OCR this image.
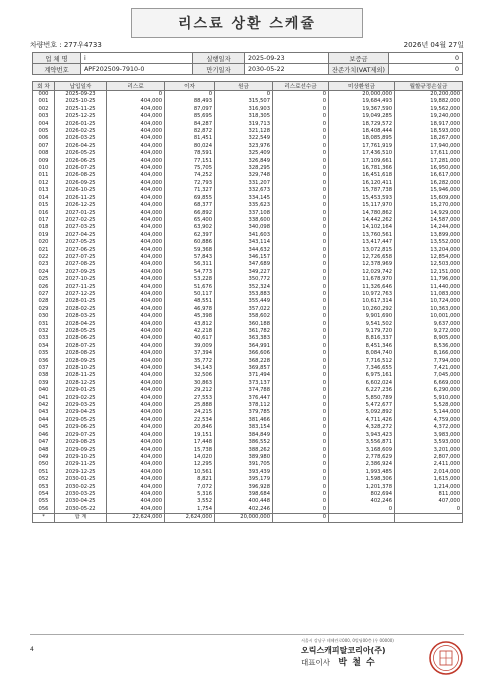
리스료 상환 스케쥴
차량번호 : 277우4733	2026년 04월 27일
업 체 명	i	실행일자	2025-09-23	보증금	0
계약번호	APF202509-7910-0	만기일자	2030-05-22	잔존가치(VAT제외)	0
회 차	납입일자	리스료	이자	원금	리스료선수금	미상환원금	월할규정손실금
000	2025-09-23	0	0	0	0	20,000,000	20,200,000
001	2025-10-25	404,000	88,493	315,507	0	19,684,493	19,882,000
002	2025-11-25	404,000	87,097	316,903	0	19,367,590	19,562,000
003	2025-12-25	404,000	85,695	318,305	0	19,049,285	19,240,000
004	2026-01-25	404,000	84,287	319,713	0	18,729,572	18,917,000
005	2026-02-25	404,000	82,872	321,128	0	18,408,444	18,593,000
006	2026-03-25	404,000	81,451	322,549	0	18,085,895	18,267,000
007	2026-04-25	404,000	80,024	323,976	0	17,761,919	17,940,000
008	2026-05-25	404,000	78,591	325,409	0	17,436,510	17,611,000
009	2026-06-25	404,000	77,151	326,849	0	17,109,661	17,281,000
010	2026-07-25	404,000	75,705	328,295	0	16,781,366	16,950,000
011	2026-08-25	404,000	74,252	329,748	0	16,451,618	16,617,000
012	2026-09-25	404,000	72,793	331,207	0	16,120,411	16,282,000
013	2026-10-25	404,000	71,327	332,673	0	15,787,738	15,946,000
014	2026-11-25	404,000	69,855	334,145	0	15,453,593	15,609,000
015	2026-12-25	404,000	68,377	335,623	0	15,117,970	15,270,000
016	2027-01-25	404,000	66,892	337,108	0	14,780,862	14,929,000
017	2027-02-25	404,000	65,400	338,600	0	14,442,262	14,587,000
018	2027-03-25	404,000	63,902	340,098	0	14,102,164	14,244,000
019	2027-04-25	404,000	62,397	341,603	0	13,760,561	13,899,000
020	2027-05-25	404,000	60,886	343,114	0	13,417,447	13,552,000
021	2027-06-25	404,000	59,368	344,632	0	13,072,815	13,204,000
022	2027-07-25	404,000	57,843	346,157	0	12,726,658	12,854,000
023	2027-08-25	404,000	56,311	347,689	0	12,378,969	12,503,000
024	2027-09-25	404,000	54,773	349,227	0	12,029,742	12,151,000
025	2027-10-25	404,000	53,228	350,772	0	11,678,970	11,796,000
026	2027-11-25	404,000	51,676	352,324	0	11,326,646	11,440,000
027	2027-12-25	404,000	50,117	353,883	0	10,972,763	11,083,000
028	2028-01-25	404,000	48,551	355,449	0	10,617,314	10,724,000
029	2028-02-25	404,000	46,978	357,022	0	10,260,292	10,363,000
030	2028-03-25	404,000	45,398	358,602	0	9,901,690	10,001,000
031	2028-04-25	404,000	43,812	360,188	0	9,541,502	9,637,000
032	2028-05-25	404,000	42,218	361,782	0	9,179,720	9,272,000
033	2028-06-25	404,000	40,617	363,383	0	8,816,337	8,905,000
034	2028-07-25	404,000	39,009	364,991	0	8,451,346	8,536,000
035	2028-08-25	404,000	37,394	366,606	0	8,084,740	8,166,000
036	2028-09-25	404,000	35,772	368,228	0	7,716,512	7,794,000
037	2028-10-25	404,000	34,143	369,857	0	7,346,655	7,421,000
038	2028-11-25	404,000	32,506	371,494	0	6,975,161	7,045,000
039	2028-12-25	404,000	30,863	373,137	0	6,602,024	6,669,000
040	2029-01-25	404,000	29,212	374,788	0	6,227,236	6,290,000
041	2029-02-25	404,000	27,553	376,447	0	5,850,789	5,910,000
042	2029-03-25	404,000	25,888	378,112	0	5,472,677	5,528,000
043	2029-04-25	404,000	24,215	379,785	0	5,092,892	5,144,000
044	2029-05-25	404,000	22,534	381,466	0	4,711,426	4,759,000
045	2029-06-25	404,000	20,846	383,154	0	4,328,272	4,372,000
046	2029-07-25	404,000	19,151	384,849	0	3,943,423	3,983,000
047	2029-08-25	404,000	17,448	386,552	0	3,556,871	3,593,000
048	2029-09-25	404,000	15,738	388,262	0	3,168,609	3,201,000
049	2029-10-25	404,000	14,020	389,980	0	2,778,629	2,807,000
050	2029-11-25	404,000	12,295	391,705	0	2,386,924	2,411,000
051	2029-12-25	404,000	10,561	393,439	0	1,993,485	2,014,000
052	2030-01-25	404,000	8,821	395,179	0	1,598,306	1,615,000
053	2030-02-25	404,000	7,072	396,928	0	1,201,378	1,214,000
054	2030-03-25	404,000	5,316	398,684	0	802,694	811,000
055	2030-04-25	404,000	3,552	400,448	0	402,246	407,000
056	2030-05-22	404,000	1,754	402,246	0	0	0
*	합 계	22,624,000	2,624,000	20,000,000	0		
4
서울시 강남구 테헤란로000, 0빌딩00층 (우 00000)
오릭스캐피탈코리아(주)
대표이사 박 철 수
